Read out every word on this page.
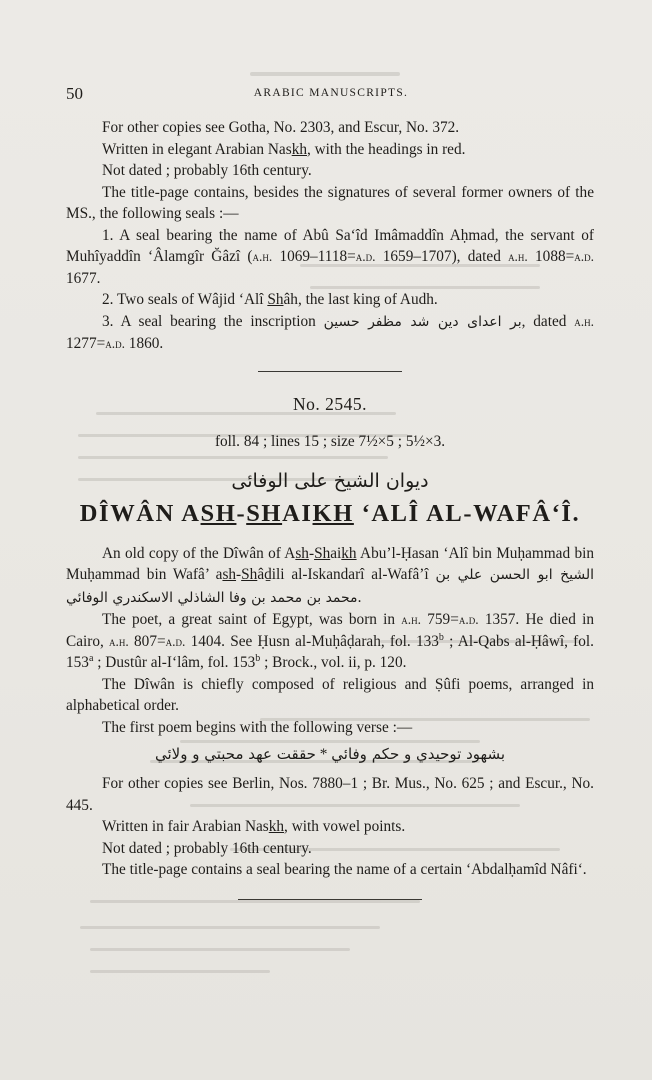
50	ARABIC MANUSCRIPTS.

For other copies see Gotha, No. 2303, and Escur, No. 372.

Written in elegant Arabian Naskh, with the headings in red.

Not dated ; probably 16th century.

The title-page contains, besides the signatures of several former owners of the MS., the following seals :—

1. A seal bearing the name of Abû Sa‘îd Imâmaddîn Aḥmad, the servant of Muhîyaddîn ‘Âlamgîr Ğâzî (a.h. 1069–1118=a.d. 1659–1707), dated a.h. 1088=a.d. 1677.

2. Two seals of Wâjid ‘Alî Shâh, the last king of Audh.

3. A seal bearing the inscription بر اعدای دین شد مظفر حسین, dated a.h. 1277=a.d. 1860.

No. 2545.
foll. 84 ; lines 15 ; size 7½×5 ; 5½×3.
ديوان الشيخ على الوفائى
DÎWÂN ASH-SHAIKH ‘ALÎ AL-WAFÂ‘Î.

An old copy of the Dîwân of Ash-Shaikh Abu’l-Ḥasan ‘Alî bin Muḥammad bin Muḥammad bin Wafâ’ ash-Shâḏili al-Iskandarî al-Wafâ’î الشيخ ابو الحسن علي بن محمد بن محمد بن وفا الشاذلي الاسكندري الوفائي.

The poet, a great saint of Egypt, was born in a.h. 759=a.d. 1357. He died in Cairo, a.h. 807=a.d. 1404. See Ḥusn al-Muḥâḍarah, fol. 133$^b$ ; Al-Qabs al-Ḥâwî, fol. 153$^a$ ; Dustûr al-I‘lâm, fol. 153$^b$ ; Brock., vol. ii, p. 120.

The Dîwân is chiefly composed of religious and Ṣûfi poems, arranged in alphabetical order.

The first poem begins with the following verse :—

حققت عهد محبتي و ولائي * بشهود توحيدي و حكم وفائي

For other copies see Berlin, Nos. 7880–1 ; Br. Mus., No. 625 ; and Escur., No. 445.

Written in fair Arabian Naskh, with vowel points.

Not dated ; probably 16th century.

The title-page contains a seal bearing the name of a certain ‘Abdalḥamîd Nâfi‘.
